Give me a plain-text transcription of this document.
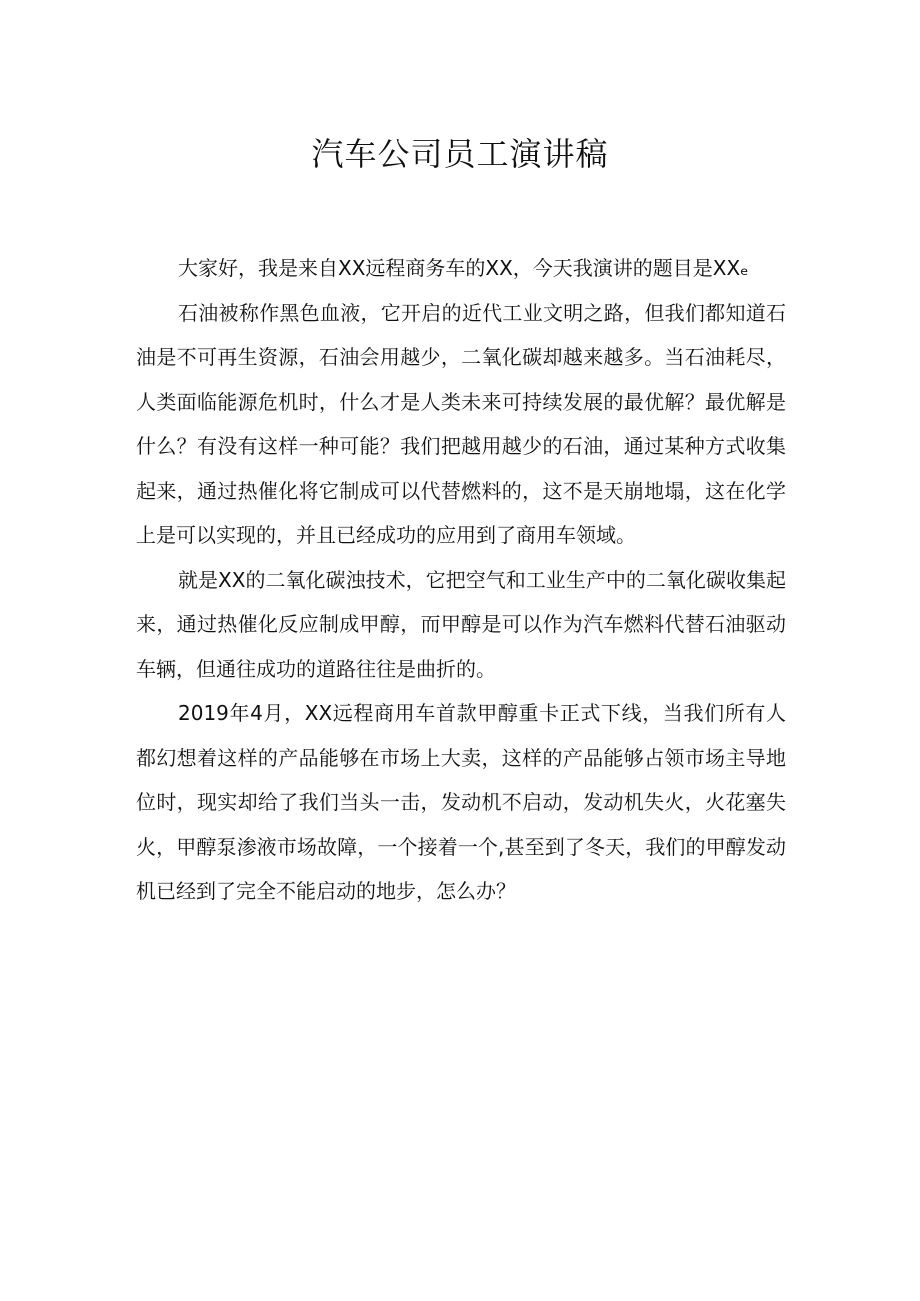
汽车公司员工演讲稿

大家好，我是来自XX远程商务车的XX，今天我演讲的题目是XXₑ

石油被称作黑色血液，它开启的近代工业文明之路，但我们都知道石油是不可再生资源，石油会用越少，二氧化碳却越来越多。当石油耗尽，人类面临能源危机时，什么才是人类未来可持续发展的最优解？最优解是什么？有没有这样一种可能？我们把越用越少的石油，通过某种方式收集起来，通过热催化将它制成可以代替燃料的，这不是天崩地塌，这在化学上是可以实现的，并且已经成功的应用到了商用车领域。

就是XX的二氧化碳浊技术，它把空气和工业生产中的二氧化碳收集起来，通过热催化反应制成甲醇，而甲醇是可以作为汽车燃料代替石油驱动车辆，但通往成功的道路往往是曲折的。

2019年4月，XX远程商用车首款甲醇重卡正式下线，当我们所有人都幻想着这样的产品能够在市场上大卖，这样的产品能够占领市场主导地位时，现实却给了我们当头一击，发动机不启动，发动机失火，火花塞失火，甲醇泵渗液市场故障，一个接着一个,甚至到了冬天，我们的甲醇发动机已经到了完全不能启动的地步，怎么办？
